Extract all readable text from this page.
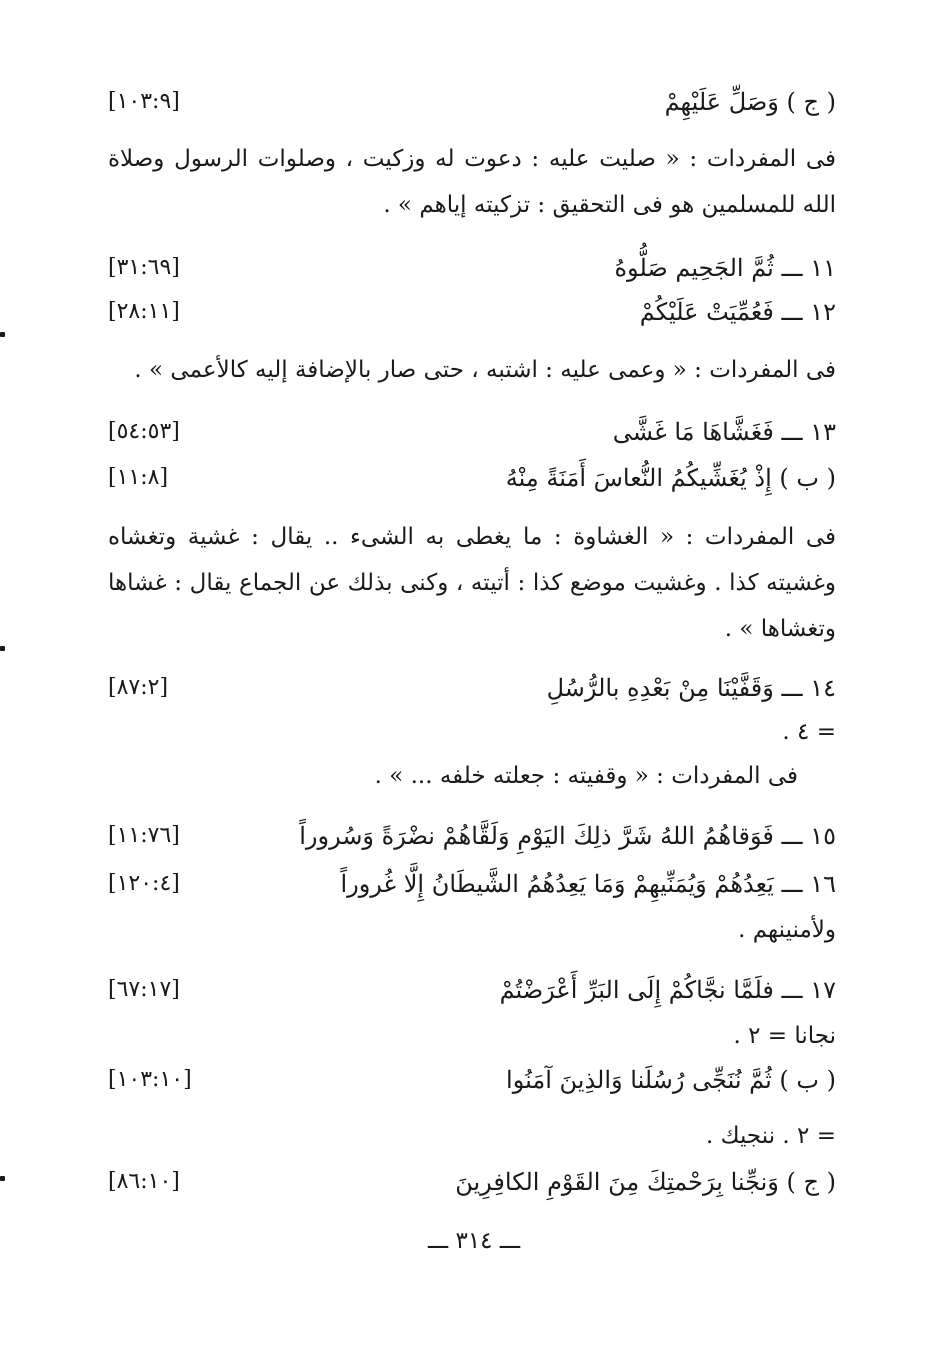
( ج ) وَصَلِّ عَلَيْهِمْ
[١٠٣:٩]
فى المفردات : « صليت عليه : دعوت له وزكيت ، وصلوات الرسول وصلاة الله للمسلمين هو فى التحقيق : تزكيته إياهم » .
١١ ـــ ثُمَّ الجَحِيم صَلُّوهُ
[٣١:٦٩]
١٢ ـــ فَعُمِّيَتْ عَلَيْكُمْ
[٢٨:١١]
فى المفردات : « وعمى عليه : اشتبه ، حتى صار بالإضافة إليه كالأعمى » .
١٣ ـــ فَغَشَّاهَا مَا غَشَّى
[٥٤:٥٣]
( ب ) إِذْ يُغَشِّيكُمُ النُّعاسَ أَمَنَةً مِنْهُ
[١١:٨]
فى المفردات : « الغشاوة : ما يغطى به الشىء .. يقال : غشية وتغشاه وغشيته كذا . وغشيت موضع كذا : أتيته ، وكنى بذلك عن الجماع يقال : غشاها وتغشاها » .
١٤ ـــ وَقَفَّيْنَا مِنْ بَعْدِهِ بالرُّسُلِ
[٨٧:٢]
= ٤ .
فى المفردات : « وقفيته : جعلته خلفه ... » .
١٥ ـــ فَوَقاهُمُ اللهُ شَرَّ ذلِكَ اليَوْمِ وَلَقَّاهُمْ نضْرَةً وَسُروراً
[١١:٧٦]
١٦ ـــ يَعِدُهُمْ وَيُمَنِّيهِمْ وَمَا يَعِدُهُمُ الشَّيطَانُ إِلَّا غُروراً
[١٢٠:٤]
ولأمنينهم .
١٧ ـــ فلَمَّا نجَّاكُمْ إِلَى البَرِّ أَعْرَضْتُمْ
[٦٧:١٧]
نجانا = ٢ .
( ب ) ثُمَّ نُنَجِّى رُسُلَنا وَالذِينَ آمَنُوا
[١٠٣:١٠]
= ٢ . ننجيك .
( ج ) وَنجِّنا بِرَحْمتِكَ مِنَ القَوْمِ الكافِرِينَ
[٨٦:١٠]
ـــ ٣١٤ ـــ
